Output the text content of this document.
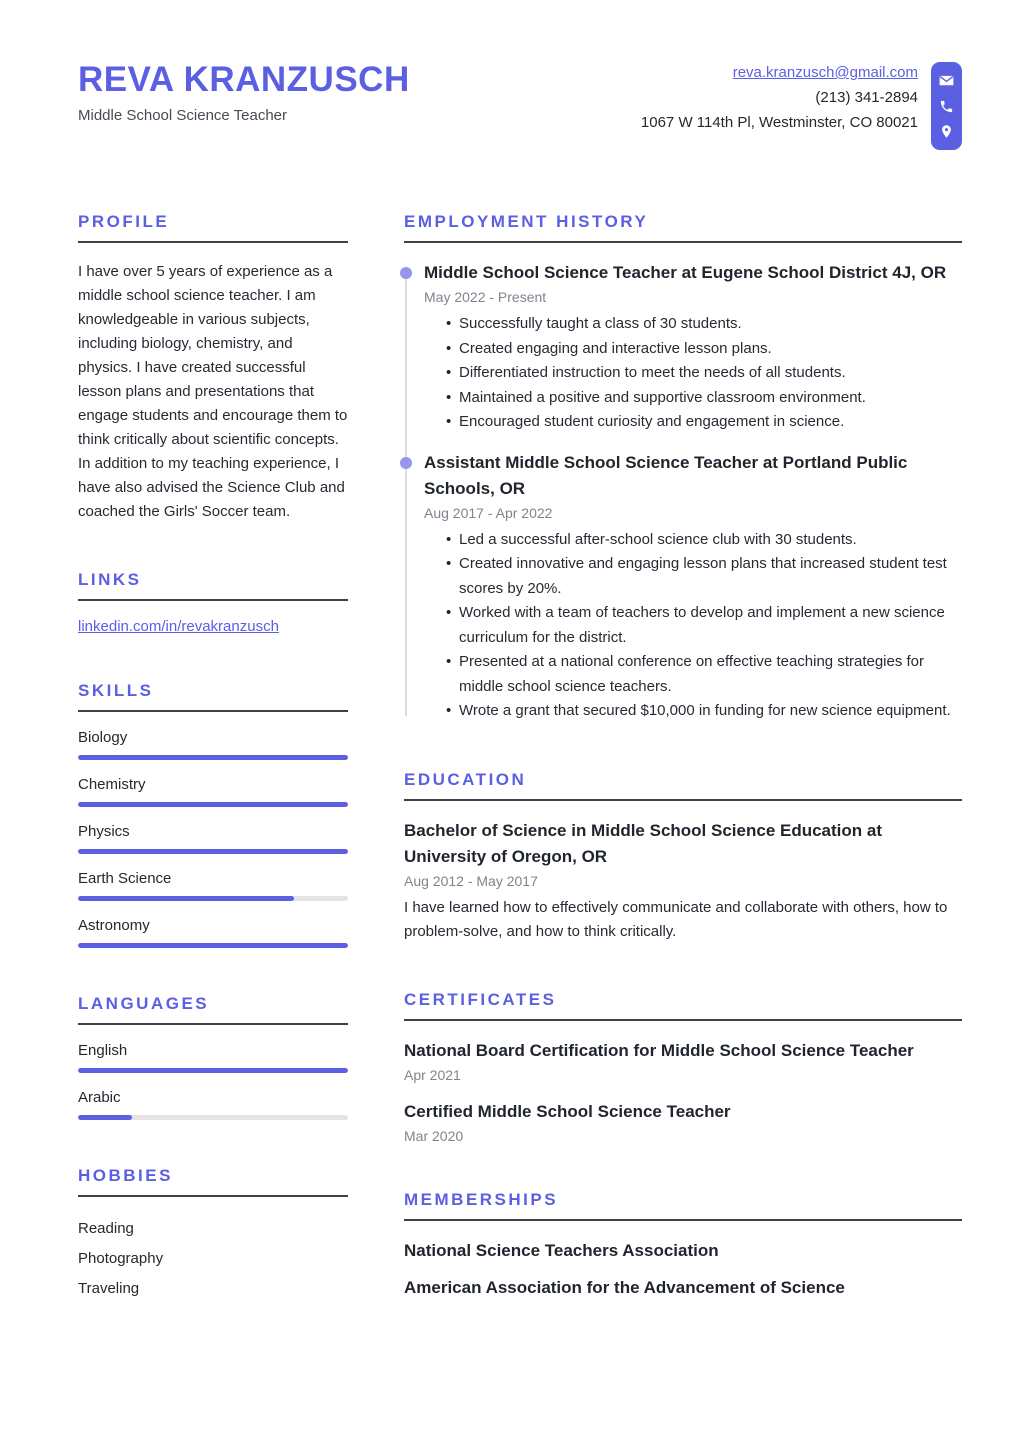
REVA KRANZUSCH
Middle School Science Teacher
reva.kranzusch@gmail.com
(213) 341-2894
1067 W 114th Pl, Westminster, CO 80021
PROFILE

I have over 5 years of experience as a middle school science teacher. I am knowledgeable in various subjects, including biology, chemistry, and physics. I have created successful lesson plans and presentations that engage students and encourage them to think critically about scientific concepts. In addition to my teaching experience, I have also advised the Science Club and coached the Girls' Soccer team.

LINKS
linkedin.com/in/revakranzusch
SKILLS
Biology
Chemistry
Physics
Earth Science
Astronomy
LANGUAGES
English
Arabic
HOBBIES
Reading
Photography
Traveling
EMPLOYMENT HISTORY
Middle School Science Teacher at Eugene School District 4J, OR
May 2022 - Present
• Successfully taught a class of 30 students.
• Created engaging and interactive lesson plans.
• Differentiated instruction to meet the needs of all students.
• Maintained a positive and supportive classroom environment.
• Encouraged student curiosity and engagement in science.
Assistant Middle School Science Teacher at Portland Public Schools, OR
Aug 2017 - Apr 2022
• Led a successful after-school science club with 30 students.
• Created innovative and engaging lesson plans that increased student test scores by 20%.
• Worked with a team of teachers to develop and implement a new science curriculum for the district.
• Presented at a national conference on effective teaching strategies for middle school science teachers.
• Wrote a grant that secured $10,000 in funding for new science equipment.
EDUCATION
Bachelor of Science in Middle School Science Education at University of Oregon, OR
Aug 2012 - May 2017

I have learned how to effectively communicate and collaborate with others, how to problem-solve, and how to think critically.

CERTIFICATES
National Board Certification for Middle School Science Teacher
Apr 2021
Certified Middle School Science Teacher
Mar 2020
MEMBERSHIPS
National Science Teachers Association
American Association for the Advancement of Science
